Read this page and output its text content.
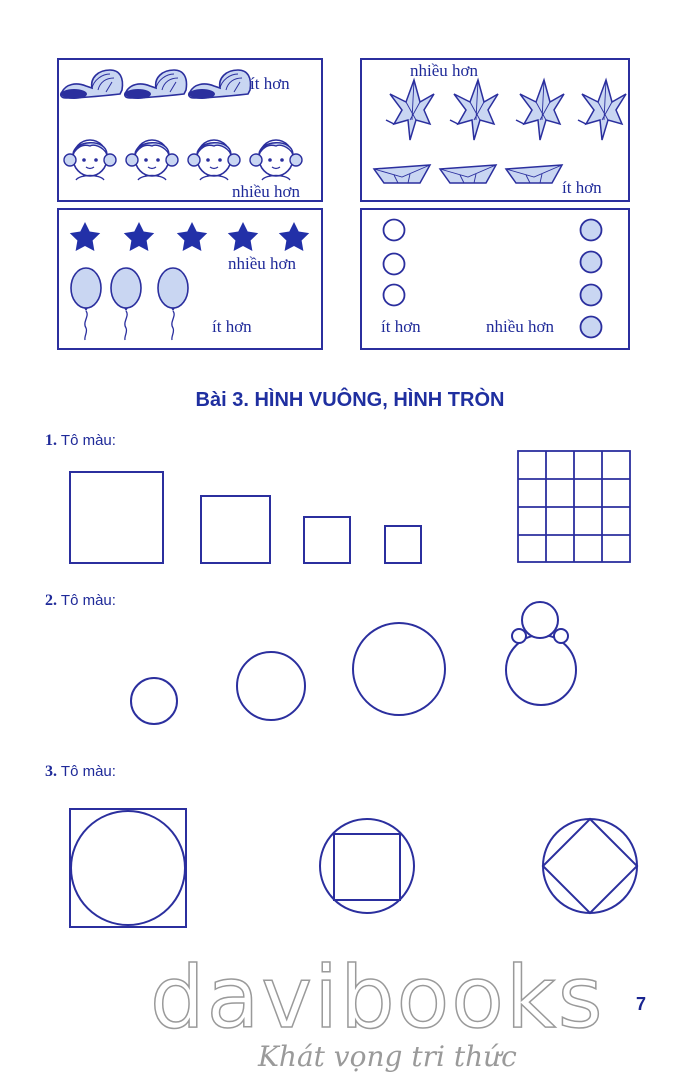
ít hơn
nhiều hơn
nhiều hơn
ít hơn
nhiều hơn
ít hơn	ít hơn	nhiều hơn
Bài 3. HÌNH VUÔNG, HÌNH TRÒN
1. Tô màu:
2. Tô màu:
3. Tô màu:
7
davibooks
Khát vọng tri thức
